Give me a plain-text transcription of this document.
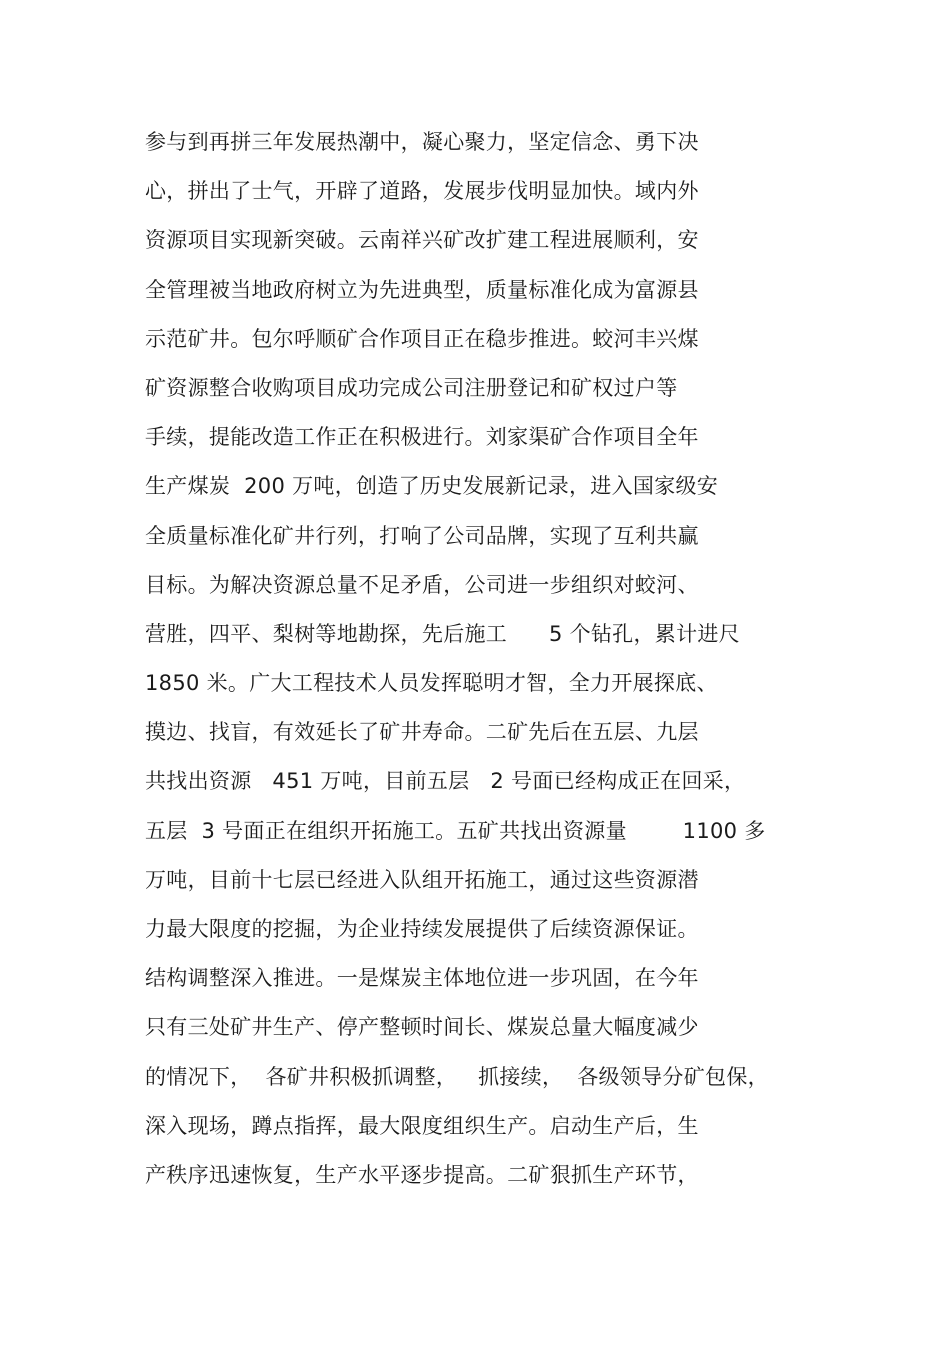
参与到再拼三年发展热潮中，凝心聚力，坚定信念、勇下决
心，拼出了士气，开辟了道路，发展步伐明显加快。域内外
资源项目实现新突破。云南祥兴矿改扩建工程进展顺利，安
全管理被当地政府树立为先进典型，质量标准化成为富源县
示范矿井。包尔呼顺矿合作项目正在稳步推进。蛟河丰兴煤
矿资源整合收购项目成功完成公司注册登记和矿权过户等
手续，提能改造工作正在积极进行。刘家渠矿合作项目全年
生产煤炭  200 万吨，创造了历史发展新记录，进入国家级安
全质量标准化矿井行列，打响了公司品牌，实现了互利共赢
目标。为解决资源总量不足矛盾，公司进一步组织对蛟河、
营胜，四平、梨树等地勘探，先后施工      5 个钻孔，累计进尺
1850 米。广大工程技术人员发挥聪明才智，全力开展探底、
摸边、找盲，有效延长了矿井寿命。二矿先后在五层、九层
共找出资源   451 万吨，目前五层   2 号面已经构成正在回采，
五层  3 号面正在组织开拓施工。五矿共找出资源量        1100 多
万吨，目前十七层已经进入队组开拓施工，通过这些资源潜
力最大限度的挖掘，为企业持续发展提供了后续资源保证。
结构调整深入推进。一是煤炭主体地位进一步巩固，在今年
只有三处矿井生产、停产整顿时间长、煤炭总量大幅度减少
的情况下，  各矿井积极抓调整，   抓接续，  各级领导分矿包保，
深入现场，蹲点指挥，最大限度组织生产。启动生产后，生
产秩序迅速恢复，生产水平逐步提高。二矿狠抓生产环节，
